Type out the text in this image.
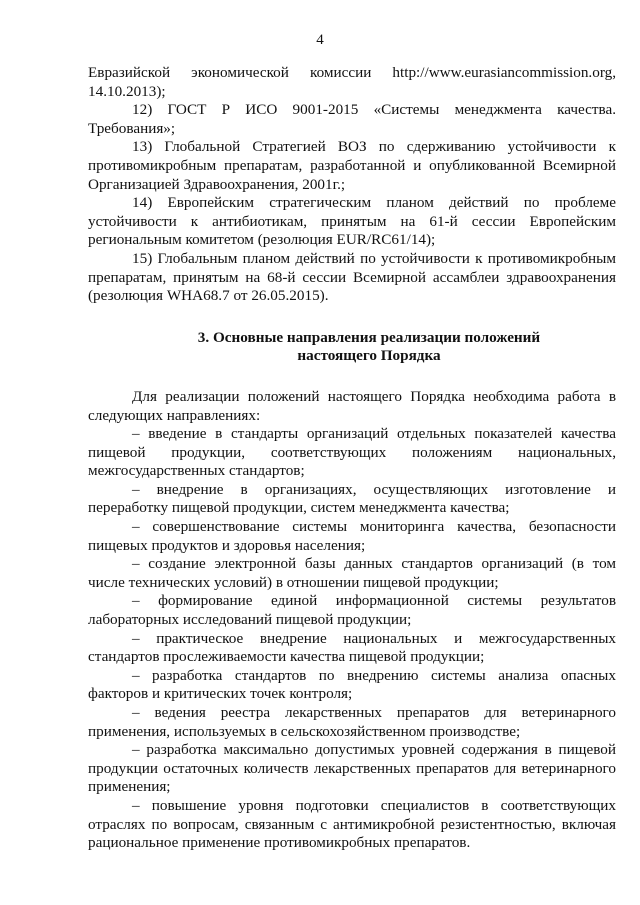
4

Евразийской экономической комиссии http://www.eurasiancommission.org, 14.10.2013);

12) ГОСТ Р ИСО 9001-2015 «Системы менеджмента качества. Требования»;

13) Глобальной Стратегией ВОЗ по сдерживанию устойчивости к противомикробным препаратам, разработанной и опубликованной Всемирной Организацией Здравоохранения, 2001г.;

14) Европейским стратегическим планом действий по проблеме устойчивости к антибиотикам, принятым на 61-й сессии Европейским региональным комитетом (резолюция EUR/RC61/14);

15) Глобальным планом действий по устойчивости к противомикробным препаратам, принятым на 68-й сессии Всемирной ассамблеи здравоохранения (резолюция WHA68.7 от 26.05.2015).

3. Основные направления реализации положений
настоящего Порядка

Для реализации положений настоящего Порядка необходима работа в следующих направлениях:

– введение в стандарты организаций отдельных показателей качества пищевой продукции, соответствующих положениям национальных, межгосударственных стандартов;

– внедрение в организациях, осуществляющих изготовление и переработку пищевой продукции, систем менеджмента качества;

– совершенствование системы мониторинга качества, безопасности пищевых продуктов и здоровья населения;

– создание электронной базы данных стандартов организаций (в том числе технических условий) в отношении пищевой продукции;

– формирование единой информационной системы результатов лабораторных исследований пищевой продукции;

– практическое внедрение национальных и межгосударственных стандартов прослеживаемости качества пищевой продукции;

– разработка стандартов по внедрению системы анализа опасных факторов и критических точек контроля;

– ведения реестра лекарственных препаратов для ветеринарного применения, используемых в сельскохозяйственном производстве;

– разработка максимально допустимых уровней содержания в пищевой продукции остаточных количеств лекарственных препаратов для ветеринарного применения;

– повышение уровня подготовки специалистов в соответствующих отраслях по вопросам, связанным с антимикробной резистентностью, включая рациональное применение противомикробных препаратов.
